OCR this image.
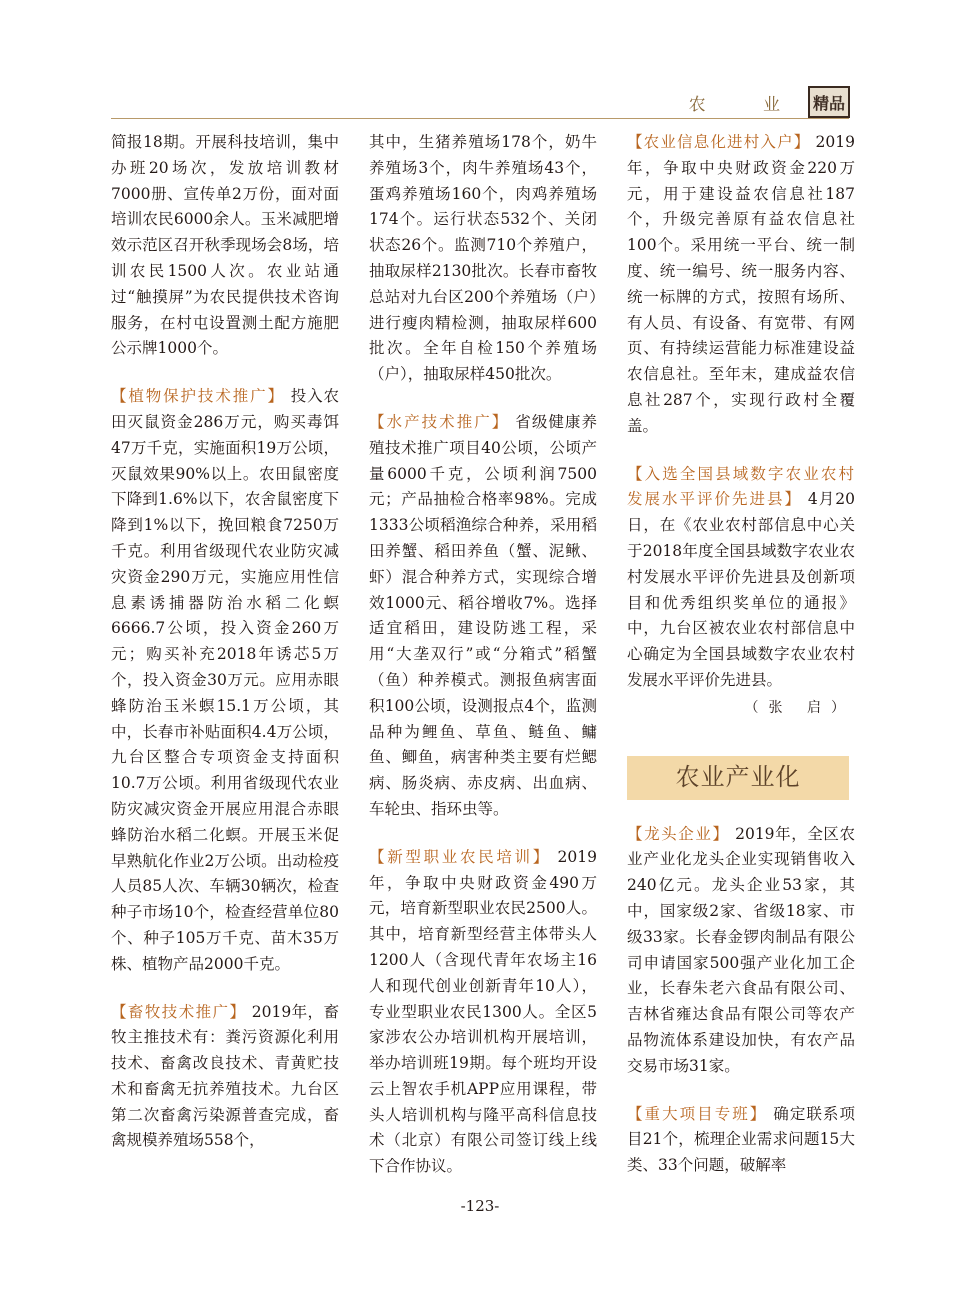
农 业 精品

简报18期。开展科技培训，集中办班20场次，发放培训教材7000册、宣传单2万份，面对面培训农民6000余人。玉米减肥增效示范区召开秋季现场会8场，培训农民1500人次。农业站通过“触摸屏”为农民提供技术咨询服务，在村屯设置测土配方施肥公示牌1000个。

【植物保护技术推广】 投入农田灭鼠资金286万元，购买毒饵47万千克，实施面积19万公顷，灭鼠效果90%以上。农田鼠密度下降到1.6%以下，农舍鼠密度下降到1%以下，挽回粮食7250万千克。利用省级现代农业防灾减灾资金290万元，实施应用性信息素诱捕器防治水稻二化螟6666.7公顷，投入资金260万元；购买补充2018年诱芯5万个，投入资金30万元。应用赤眼蜂防治玉米螟15.1万公顷，其中，长春市补贴面积4.4万公顷，九台区整合专项资金支持面积10.7万公顷。利用省级现代农业防灾减灾资金开展应用混合赤眼蜂防治水稻二化螟。开展玉米促早熟航化作业2万公顷。出动检疫人员85人次、车辆30辆次，检查种子市场10个，检查经营单位80个、种子105万千克、苗木35万株、植物产品2000千克。

【畜牧技术推广】 2019年，畜牧主推技术有：粪污资源化利用技术、畜禽改良技术、青黄贮技术和畜禽无抗养殖技术。九台区第二次畜禽污染源普查完成，畜禽规模养殖场558个，

其中，生猪养殖场178个，奶牛养殖场3个，肉牛养殖场43个，蛋鸡养殖场160个，肉鸡养殖场174个。运行状态532个、关闭状态26个。监测710个养殖户，抽取尿样2130批次。长春市畜牧总站对九台区200个养殖场（户）进行瘦肉精检测，抽取尿样600批次。全年自检150个养殖场（户），抽取尿样450批次。

【水产技术推广】 省级健康养殖技术推广项目40公顷，公顷产量6000千克，公顷利润7500元；产品抽检合格率98%。完成1333公顷稻渔综合种养，采用稻田养蟹、稻田养鱼（蟹、泥鳅、虾）混合种养方式，实现综合增效1000元、稻谷增收7%。选择适宜稻田，建设防逃工程，采用“大垄双行”或“分箱式”稻蟹（鱼）种养模式。测报鱼病害面积100公顷，设测报点4个，监测品种为鲤鱼、草鱼、鲢鱼、鳙鱼、鲫鱼，病害种类主要有烂鳃病、肠炎病、赤皮病、出血病、车轮虫、指环虫等。

【新型职业农民培训】 2019年，争取中央财政资金490万元，培育新型职业农民2500人。其中，培育新型经营主体带头人1200人（含现代青年农场主16人和现代创业创新青年10人），专业型职业农民1300人。全区5家涉农公办培训机构开展培训，举办培训班19期。每个班均开设云上智农手机APP应用课程，带头人培训机构与隆平高科信息技术（北京）有限公司签订线上线下合作协议。

【农业信息化进村入户】 2019年，争取中央财政资金220万元，用于建设益农信息社187个，升级完善原有益农信息社100个。采用统一平台、统一制度、统一编号、统一服务内容、统一标牌的方式，按照有场所、有人员、有设备、有宽带、有网页、有持续运营能力标准建设益农信息社。至年末，建成益农信息社287个，实现行政村全覆盖。

【入选全国县域数字农业农村发展水平评价先进县】 4月20日，在《农业农村部信息中心关于2018年度全国县域数字农业农村发展水平评价先进县及创新项目和优秀组织奖单位的通报》中，九台区被农业农村部信息中心确定为全国县域数字农业农村发展水平评价先进县。

（张 启）

农业产业化

【龙头企业】 2019年，全区农业产业化龙头企业实现销售收入240亿元。龙头企业53家，其中，国家级2家、省级18家、市级33家。长春金锣肉制品有限公司申请国家500强产业化加工企业，长春朱老六食品有限公司、吉林省雍达食品有限公司等农产品物流体系建设加快，有农产品交易市场31家。

【重大项目专班】 确定联系项目21个，梳理企业需求问题15大类、33个问题，破解率

-123-
